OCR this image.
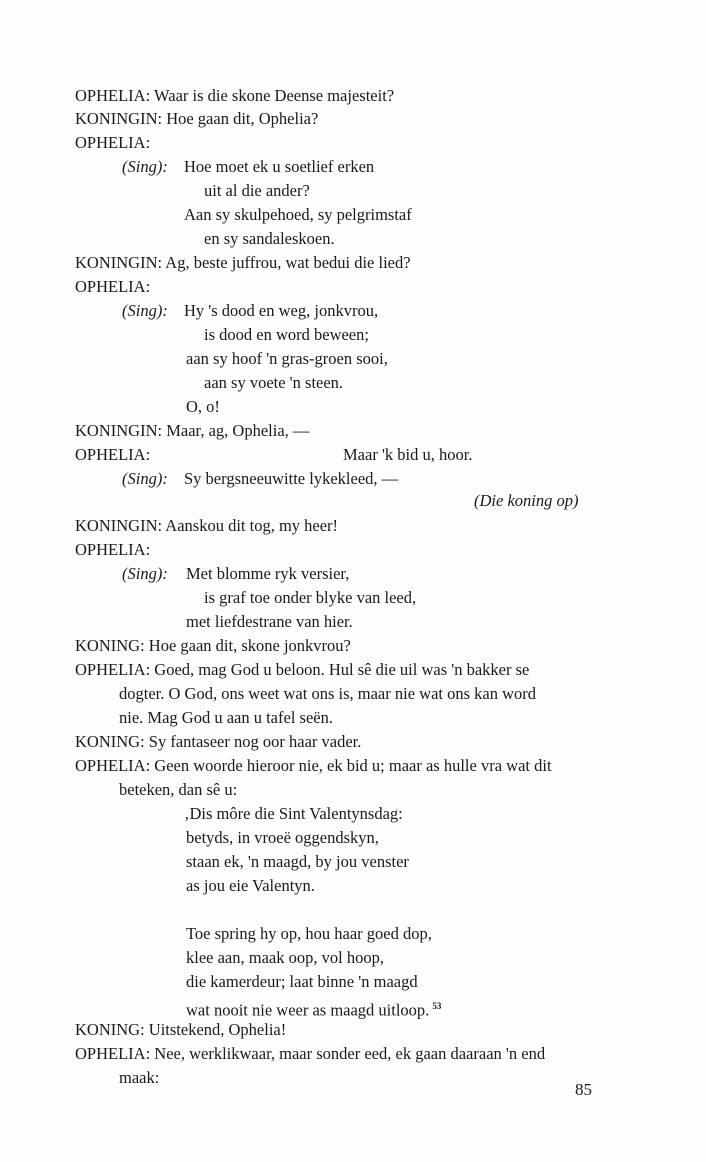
OPHELIA: Waar is die skone Deense majesteit?
KONINGIN: Hoe gaan dit, Ophelia?
OPHELIA:
(Sing): Hoe moet ek u soetlief erken
uit al die ander?
Aan sy skulpehoed, sy pelgrimstaf
en sy sandaleskoen.
KONINGIN: Ag, beste juffrou, wat bedui die lied?
OPHELIA:
(Sing): Hy 's dood en weg, jonkvrou,
is dood en word beween;
aan sy hoof 'n gras-groen sooi,
aan sy voete 'n steen.
O, o!
KONINGIN: Maar, ag, Ophelia, —
OPHELIA:	Maar 'k bid u, hoor.
(Sing): Sy bergsneeuwitte lykekleed, —
(Die koning op)
KONINGIN: Aanskou dit tog, my heer!
OPHELIA:
(Sing): Met blomme ryk versier,
is graf toe onder blyke van leed,
met liefdestrane van hier.
KONING: Hoe gaan dit, skone jonkvrou?
OPHELIA: Goed, mag God u beloon. Hul sê die uil was 'n bakker se
dogter. O God, ons weet wat ons is, maar nie wat ons kan word
nie. Mag God u aan u tafel seën.
KONING: Sy fantaseer nog oor haar vader.
OPHELIA: Geen woorde hieroor nie, ek bid u; maar as hulle vra wat dit
beteken, dan sê u:
‚Dis môre die Sint Valentynsdag:
betyds, in vroeë oggendskyn,
staan ek, 'n maagd, by jou venster
as jou eie Valentyn.
Toe spring hy op, hou haar goed dop,
klee aan, maak oop, vol hoop,
die kamerdeur; laat binne 'n maagd
wat nooit nie weer as maagd uitloop. $^{53}$
KONING: Uitstekend, Ophelia!
OPHELIA: Nee, werklikwaar, maar sonder eed, ek gaan daaraan 'n end
maak:
85
